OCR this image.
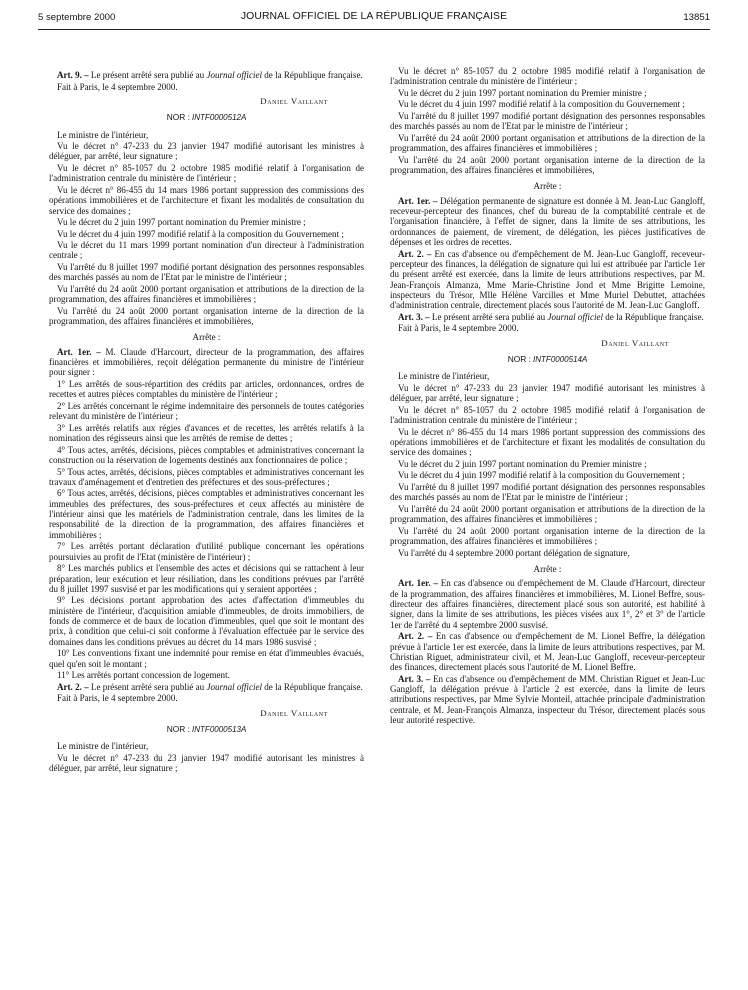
5 septembre 2000	JOURNAL OFFICIEL DE LA RÉPUBLIQUE FRANÇAISE	13851

Art. 9. – Le présent arrêté sera publié au Journal officiel de la République française.

Fait à Paris, le 4 septembre 2000.

Daniel Vaillant
NOR : INTF0000512A

Le ministre de l'intérieur,

Vu le décret n° 47-233 du 23 janvier 1947 modifié autorisant les ministres à déléguer, par arrêté, leur signature ;

Vu le décret n° 85-1057 du 2 octobre 1985 modifié relatif à l'organisation de l'administration centrale du ministère de l'intérieur ;

Vu le décret n° 86-455 du 14 mars 1986 portant suppression des commissions des opérations immobilières et de l'architecture et fixant les modalités de consultation du service des domaines ;

Vu le décret du 2 juin 1997 portant nomination du Premier ministre ;

Vu le décret du 4 juin 1997 modifié relatif à la composition du Gouvernement ;

Vu le décret du 11 mars 1999 portant nomination d'un directeur à l'administration centrale ;

Vu l'arrêté du 8 juillet 1997 modifié portant désignation des personnes responsables des marchés passés au nom de l'Etat par le ministre de l'intérieur ;

Vu l'arrêté du 24 août 2000 portant organisation et attributions de la direction de la programmation, des affaires financières et immobilières ;

Vu l'arrêté du 24 août 2000 portant organisation interne de la direction de la programmation, des affaires financières et immobilières,

Arrête :

Art. 1er. – M. Claude d'Harcourt, directeur de la programmation, des affaires financières et immobilières, reçoit délégation permanente du ministre de l'intérieur pour signer :

1° Les arrêtés de sous-répartition des crédits par articles, ordonnances, ordres de recettes et autres pièces comptables du ministère de l'intérieur ;

2° Les arrêtés concernant le régime indemnitaire des personnels de toutes catégories relevant du ministère de l'intérieur ;

3° Les arrêtés relatifs aux régies d'avances et de recettes, les arrêtés relatifs à la nomination des régisseurs ainsi que les arrêtés de remise de dettes ;

4° Tous actes, arrêtés, décisions, pièces comptables et administratives concernant la construction ou la réservation de logements destinés aux fonctionnaires de police ;

5° Tous actes, arrêtés, décisions, pièces comptables et administratives concernant les travaux d'aménagement et d'entretien des préfectures et des sous-préfectures ;

6° Tous actes, arrêtés, décisions, pièces comptables et administratives concernant les immeubles des préfectures, des sous-préfectures et ceux affectés au ministère de l'intérieur ainsi que les matériels de l'administration centrale, dans les limites de la responsabilité de la direction de la programmation, des affaires financières et immobilières ;

7° Les arrêtés portant déclaration d'utilité publique concernant les opérations poursuivies au profit de l'Etat (ministère de l'intérieur) ;

8° Les marchés publics et l'ensemble des actes et décisions qui se rattachent à leur préparation, leur exécution et leur résiliation, dans les conditions prévues par l'arrêté du 8 juillet 1997 susvisé et par les modifications qui y seraient apportées ;

9° Les décisions portant approbation des actes d'affectation d'immeubles du ministère de l'intérieur, d'acquisition amiable d'immeubles, de droits immobiliers, de fonds de commerce et de baux de location d'immeubles, quel que soit le montant des prix, à condition que celui-ci soit conforme à l'évaluation effectuée par le service des domaines dans les conditions prévues au décret du 14 mars 1986 susvisé ;

10° Les conventions fixant une indemnité pour remise en état d'immeubles évacués, quel qu'en soit le montant ;

11° Les arrêtés portant concession de logement.

Art. 2. – Le présent arrêté sera publié au Journal officiel de la République française.

Fait à Paris, le 4 septembre 2000.

Daniel Vaillant
NOR : INTF0000513A

Le ministre de l'intérieur,

Vu le décret n° 47-233 du 23 janvier 1947 modifié autorisant les ministres à déléguer, par arrêté, leur signature ;

Vu le décret n° 85-1057 du 2 octobre 1985 modifié relatif à l'organisation de l'administration centrale du ministère de l'intérieur ;

Vu le décret du 2 juin 1997 portant nomination du Premier ministre ;

Vu le décret du 4 juin 1997 modifié relatif à la composition du Gouvernement ;

Vu l'arrêté du 8 juillet 1997 modifié portant désignation des personnes responsables des marchés passés au nom de l'Etat par le ministre de l'intérieur ;

Vu l'arrêté du 24 août 2000 portant organisation et attributions de la direction de la programmation, des affaires financières et immobilières ;

Vu l'arrêté du 24 août 2000 portant organisation interne de la direction de la programmation, des affaires financières et immobilières,

Arrête :

Art. 1er. – Délégation permanente de signature est donnée à M. Jean-Luc Gangloff, receveur-percepteur des finances, chef du bureau de la comptabilité centrale et de l'organisation financière, à l'effet de signer, dans la limite de ses attributions, les ordonnances de paiement, de virement, de délégation, les pièces justificatives de dépenses et les ordres de recettes.

Art. 2. – En cas d'absence ou d'empêchement de M. Jean-Luc Gangloff, receveur-percepteur des finances, la délégation de signature qui lui est attribuée par l'article 1er du présent arrêté est exercée, dans la limite de leurs attributions respectives, par M. Jean-François Almanza, Mme Marie-Christine Jond et Mme Brigitte Lemoine, inspecteurs du Trésor, Mlle Hélène Varcilles et Mme Muriel Debuttet, attachées d'administration centrale, directement placés sous l'autorité de M. Jean-Luc Gangloff.

Art. 3. – Le présent arrêté sera publié au Journal officiel de la République française.

Fait à Paris, le 4 septembre 2000.

Daniel Vaillant
NOR : INTF0000514A

Le ministre de l'intérieur,

Vu le décret n° 47-233 du 23 janvier 1947 modifié autorisant les ministres à déléguer, par arrêté, leur signature ;

Vu le décret n° 85-1057 du 2 octobre 1985 modifié relatif à l'organisation de l'administration centrale du ministère de l'intérieur ;

Vu le décret n° 86-455 du 14 mars 1986 portant suppression des commissions des opérations immobilières et de l'architecture et fixant les modalités de consultation du service des domaines ;

Vu le décret du 2 juin 1997 portant nomination du Premier ministre ;

Vu le décret du 4 juin 1997 modifié relatif à la composition du Gouvernement ;

Vu l'arrêté du 8 juillet 1997 modifié portant désignation des personnes responsables des marchés passés au nom de l'Etat par le ministre de l'intérieur ;

Vu l'arrêté du 24 août 2000 portant organisation et attributions de la direction de la programmation, des affaires financières et immobilières ;

Vu l'arrêté du 24 août 2000 portant organisation interne de la direction de la programmation, des affaires financières et immobilières ;

Vu l'arrêté du 4 septembre 2000 portant délégation de signature,

Arrête :

Art. 1er. – En cas d'absence ou d'empêchement de M. Claude d'Harcourt, directeur de la programmation, des affaires financières et immobilières, M. Lionel Beffre, sous-directeur des affaires financières, directement placé sous son autorité, est habilité à signer, dans la limite de ses attributions, les pièces visées aux 1°, 2° et 3° de l'article 1er de l'arrêté du 4 septembre 2000 susvisé.

Art. 2. – En cas d'absence ou d'empêchement de M. Lionel Beffre, la délégation prévue à l'article 1er est exercée, dans la limite de leurs attributions respectives, par M. Christian Riguet, administrateur civil, et M. Jean-Luc Gangloff, receveur-percepteur des finances, directement placés sous l'autorité de M. Lionel Beffre.

Art. 3. – En cas d'absence ou d'empêchement de MM. Christian Riguet et Jean-Luc Gangloff, la délégation prévue à l'article 2 est exercée, dans la limite de leurs attributions respectives, par Mme Sylvie Monteil, attachée principale d'administration centrale, et M. Jean-François Almanza, inspecteur du Trésor, directement placés sous leur autorité respective.
